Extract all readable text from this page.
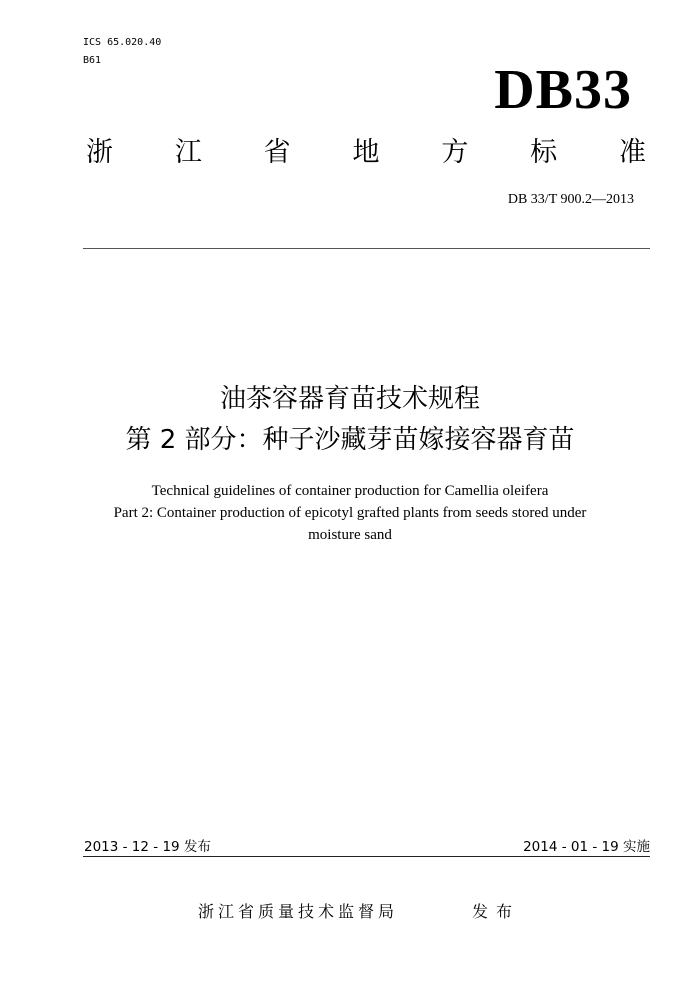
ICS 65.020.40
B61	DB33
浙 江 省 地 方 标 准
DB 33/T 900.2—2013
油茶容器育苗技术规程
第 2 部分：种子沙藏芽苗嫁接容器育苗
Technical guidelines of container production for Camellia oleifera
Part 2: Container production of epicotyl grafted plants from seeds stored under
moisture sand
2013 - 12 - 19 发布	2014 - 01 - 19 实施
浙江省质量技术监督局	发布
